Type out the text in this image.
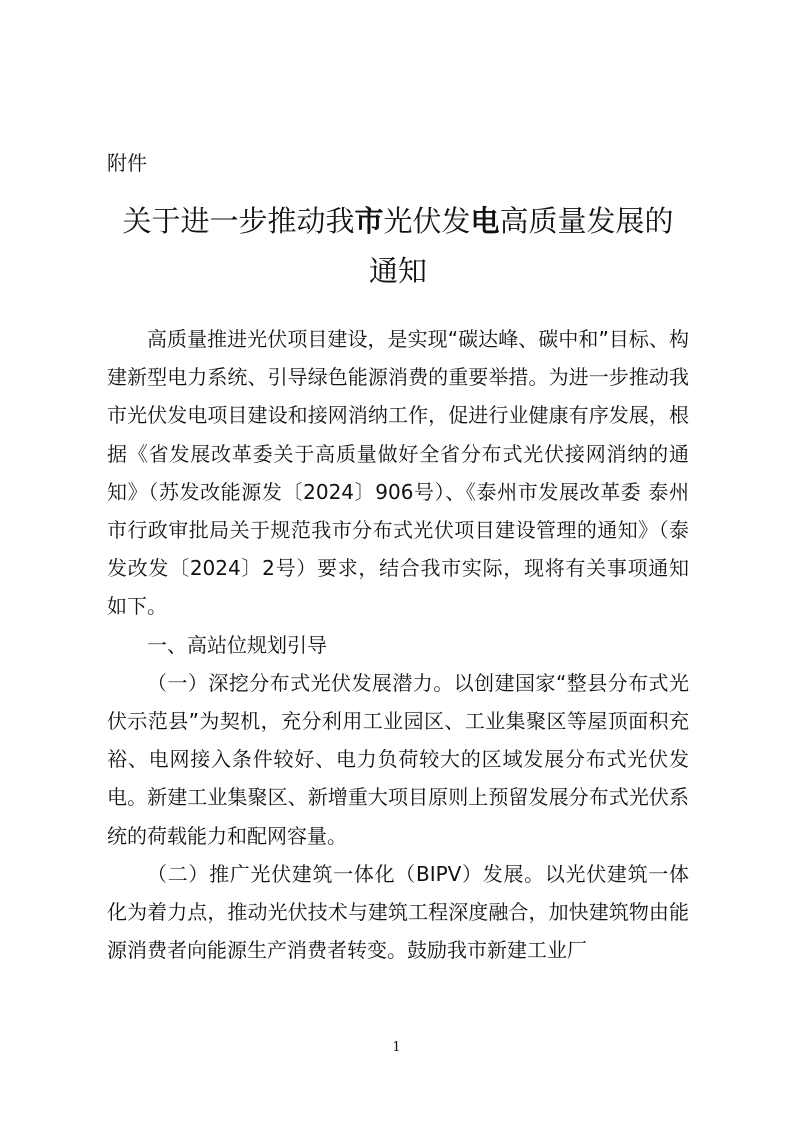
附件
关于进一步推动我市光伏发电高质量发展的
通知

高质量推进光伏项目建设，是实现“碳达峰、碳中和”目标、构建新型电力系统、引导绿色能源消费的重要举措。为进一步推动我市光伏发电项目建设和接网消纳工作，促进行业健康有序发展，根据《省发展改革委关于高质量做好全省分布式光伏接网消纳的通知》（苏发改能源发〔2024〕906号）、《泰州市发展改革委 泰州市行政审批局关于规范我市分布式光伏项目建设管理的通知》（泰发改发〔2024〕2号）要求，结合我市实际，现将有关事项通知如下。

一、高站位规划引导

（一）深挖分布式光伏发展潜力。以创建国家“整县分布式光伏示范县”为契机，充分利用工业园区、工业集聚区等屋顶面积充裕、电网接入条件较好、电力负荷较大的区域发展分布式光伏发电。新建工业集聚区、新增重大项目原则上预留发展分布式光伏系统的荷载能力和配网容量。

（二）推广光伏建筑一体化（BIPV）发展。以光伏建筑一体化为着力点，推动光伏技术与建筑工程深度融合，加快建筑物由能源消费者向能源生产消费者转变。鼓励我市新建工业厂

1
